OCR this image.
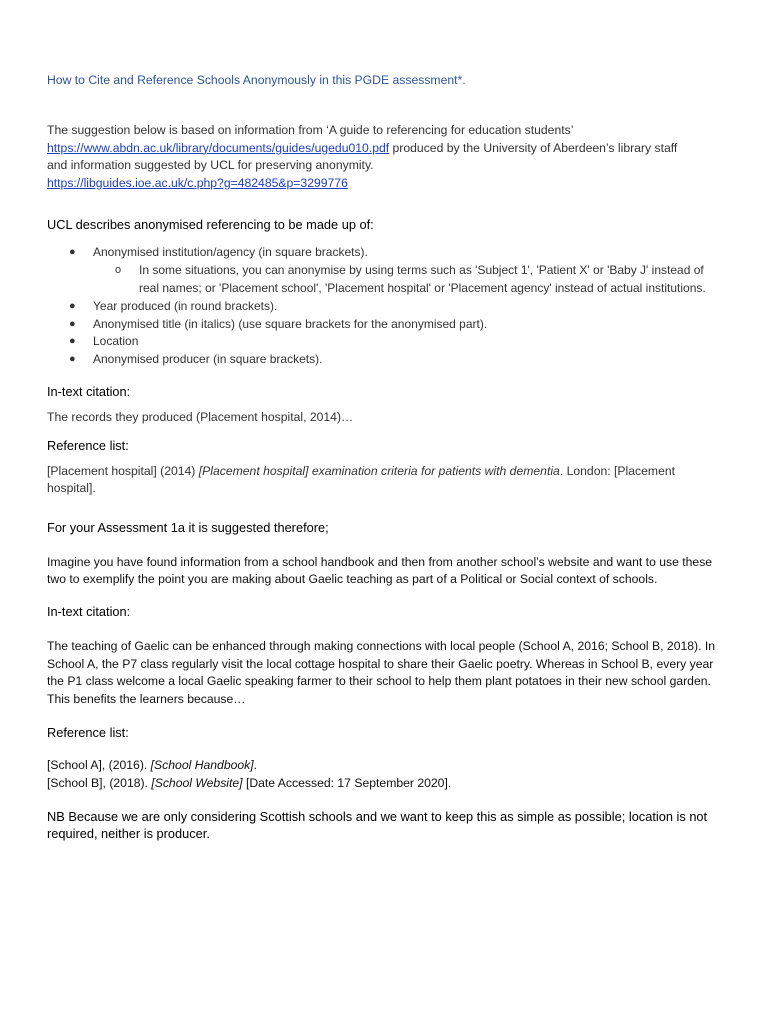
How to Cite and Reference Schools Anonymously in this PGDE assessment*.

The suggestion below is based on information from ‘A guide to referencing for education students’

https://www.abdn.ac.uk/library/documents/guides/ugedu010.pdf produced by the University of Aberdeen’s library staff

and information suggested by UCL for preserving anonymity.

https://libguides.ioe.ac.uk/c.php?g=482485&p=3299776

UCL describes anonymised referencing to be made up of:

● Anonymised institution/agency (in square brackets).
o In some situations, you can anonymise by using terms such as 'Subject 1', 'Patient X' or 'Baby J' instead of real names; or 'Placement school', 'Placement hospital' or 'Placement agency' instead of actual institutions.
● Year produced (in round brackets).
● Anonymised title (in italics) (use square brackets for the anonymised part).
● Location
● Anonymised producer (in square brackets).

In-text citation:

The records they produced (Placement hospital, 2014)…

Reference list:

[Placement hospital] (2014) [Placement hospital] examination criteria for patients with dementia. London: [Placement hospital].

For your Assessment 1a it is suggested therefore;

Imagine you have found information from a school handbook and then from another school’s website and want to use these two to exemplify the point you are making about Gaelic teaching as part of a Political or Social context of schools.

In-text citation:

The teaching of Gaelic can be enhanced through making connections with local people (School A, 2016; School B, 2018). In School A, the P7 class regularly visit the local cottage hospital to share their Gaelic poetry. Whereas in School B, every year the P1 class welcome a local Gaelic speaking farmer to their school to help them plant potatoes in their new school garden. This benefits the learners because…

Reference list:

[School A], (2016). [School Handbook].

[School B], (2018). [School Website] [Date Accessed: 17 September 2020].

NB Because we are only considering Scottish schools and we want to keep this as simple as possible; location is not required, neither is producer.
